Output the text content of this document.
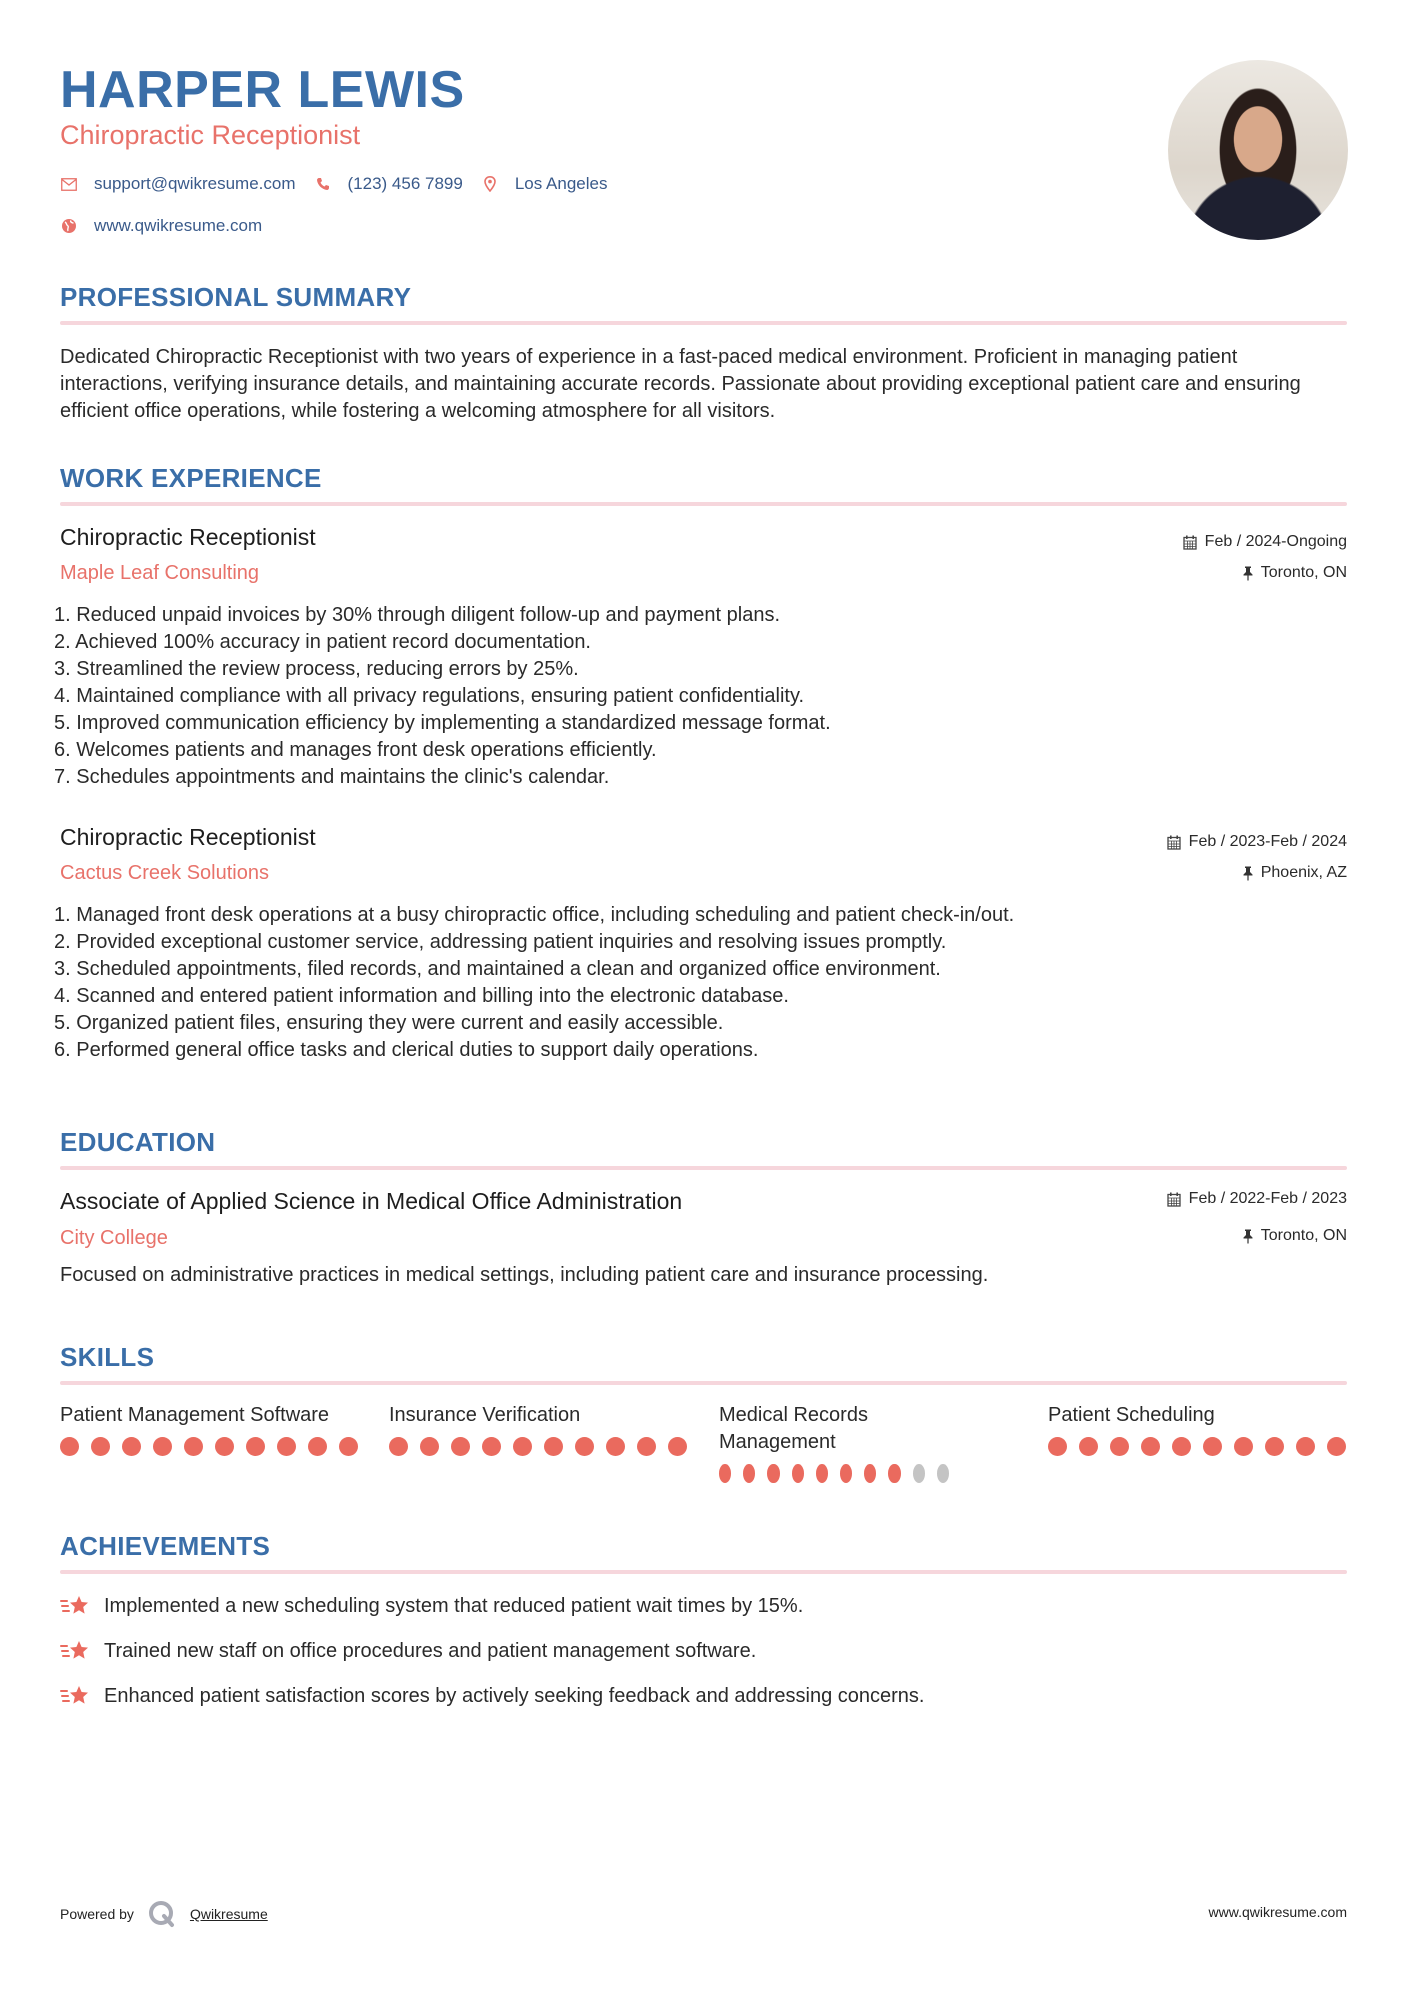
HARPER LEWIS
Chiropractic Receptionist
support@qwikresume.com	(123) 456 7899	Los Angeles
www.qwikresume.com
PROFESSIONAL SUMMARY
Dedicated Chiropractic Receptionist with two years of experience in a fast-paced medical environment. Proficient in managing patient interactions, verifying insurance details, and maintaining accurate records. Passionate about providing exceptional patient care and ensuring efficient office operations, while fostering a welcoming atmosphere for all visitors.
WORK EXPERIENCE
Chiropractic Receptionist
Maple Leaf Consulting
Feb / 2024-Ongoing
Toronto, ON
1. Reduced unpaid invoices by 30% through diligent follow-up and payment plans.
2. Achieved 100% accuracy in patient record documentation.
3. Streamlined the review process, reducing errors by 25%.
4. Maintained compliance with all privacy regulations, ensuring patient confidentiality.
5. Improved communication efficiency by implementing a standardized message format.
6. Welcomes patients and manages front desk operations efficiently.
7. Schedules appointments and maintains the clinic's calendar.
Chiropractic Receptionist
Cactus Creek Solutions
Feb / 2023-Feb / 2024
Phoenix, AZ
1. Managed front desk operations at a busy chiropractic office, including scheduling and patient check-in/out.
2. Provided exceptional customer service, addressing patient inquiries and resolving issues promptly.
3. Scheduled appointments, filed records, and maintained a clean and organized office environment.
4. Scanned and entered patient information and billing into the electronic database.
5. Organized patient files, ensuring they were current and easily accessible.
6. Performed general office tasks and clerical duties to support daily operations.
EDUCATION
Associate of Applied Science in Medical Office Administration
City College
Feb / 2022-Feb / 2023
Toronto, ON
Focused on administrative practices in medical settings, including patient care and insurance processing.
SKILLS
Patient Management Software	Insurance Verification	Medical Records Management
Patient Scheduling
ACHIEVEMENTS
Implemented a new scheduling system that reduced patient wait times by 15%.
Trained new staff on office procedures and patient management software.
Enhanced patient satisfaction scores by actively seeking feedback and addressing concerns.
Powered by	Qwikresume	www.qwikresume.com
